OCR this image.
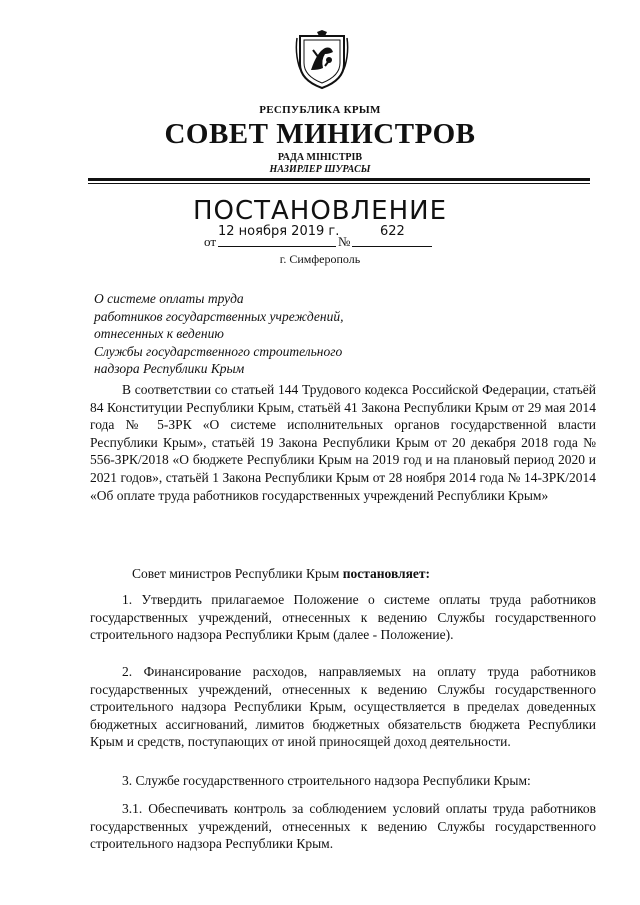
РЕСПУБЛИКА КРЫМ
СОВЕТ МИНИСТРОВ
РАДА МІНІСТРІВ
НАЗИРЛЕР ШУРАСЫ
ПОСТАНОВЛЕНИЕ
от
12 ноября 2019 г.
№
622
г. Симферополь
О системе оплаты труда
работников государственных учреждений,
отнесенных к ведению
Службы государственного строительного
надзора Республики Крым
В соответствии со статьей 144 Трудового кодекса Российской Федерации, статьёй 84 Конституции Республики Крым, статьёй 41 Закона Республики Крым от 29 мая 2014 года № 5-ЗРК «О системе исполнительных органов государственной власти Республики Крым», статьёй 19 Закона Республики Крым от 20 декабря 2018 года № 556-ЗРК/2018 «О бюджете Республики Крым на 2019 год и на плановый период 2020 и 2021 годов», статьёй 1 Закона Республики Крым от 28 ноября 2014 года № 14-ЗРК/2014 «Об оплате труда работников государственных учреждений Республики Крым»
Совет министров Республики Крым постановляет:
1. Утвердить прилагаемое Положение о системе оплаты труда работников государственных учреждений, отнесенных к ведению Службы государственного строительного надзора Республики Крым (далее - Положение).
2. Финансирование расходов, направляемых на оплату труда работников государственных учреждений, отнесенных к ведению Службы государственного строительного надзора Республики Крым, осуществляется в пределах доведенных бюджетных ассигнований, лимитов бюджетных обязательств бюджета Республики Крым и средств, поступающих от иной приносящей доход деятельности.
3. Службе государственного строительного надзора Республики Крым:
3.1. Обеспечивать контроль за соблюдением условий оплаты труда работников государственных учреждений, отнесенных к ведению Службы государственного строительного надзора Республики Крым.
